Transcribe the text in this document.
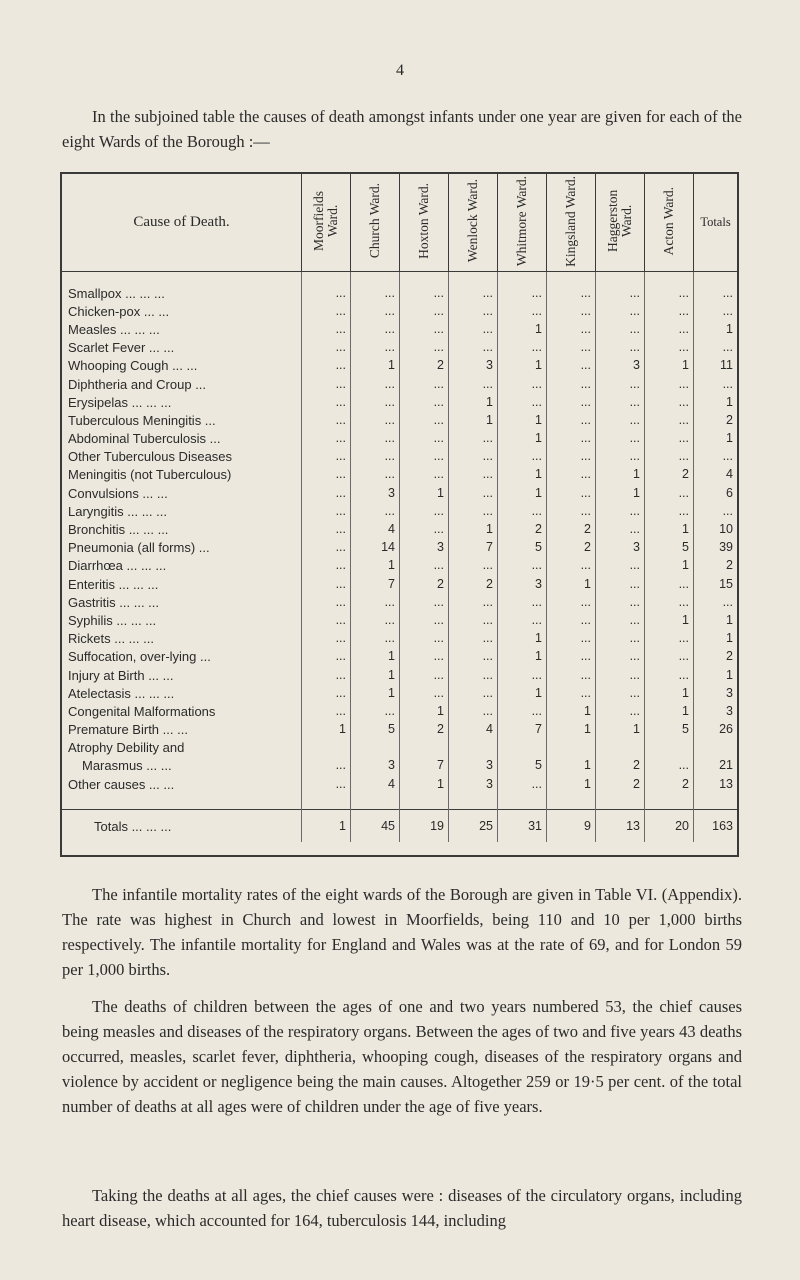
4

In the subjoined table the causes of death amongst infants under one year are given for each of the eight Wards of the Borough :—

Cause of Death.	Moorfields Ward.	Church Ward.	Hoxton Ward.	Wenlock Ward.	Whitmore Ward.	Kingsland Ward.	Haggerston Ward.	Acton Ward.	Totals

Smallpox ... ... ...	...	...	...	...	...	...	...	...	...
Chicken-pox ... ...	...	...	...	...	...	...	...	...	...
Measles ... ... ...	...	...	...	...	1	...	...	...	1
Scarlet Fever ... ...	...	...	...	...	...	...	...	...	...
Whooping Cough ... ...	...	1	2	3	1	...	3	1	11
Diphtheria and Croup ...	...	...	...	...	...	...	...	...	...
Erysipelas ... ... ...	...	...	...	1	...	...	...	...	1
Tuberculous Meningitis ...	...	...	...	1	1	...	...	...	2
Abdominal Tuberculosis ...	...	...	...	...	1	...	...	...	1
Other Tuberculous Diseases	...	...	...	...	...	...	...	...	...
Meningitis (not Tuberculous)	...	...	...	...	1	...	1	2	4
Convulsions ... ...	...	3	1	...	1	...	1	...	6
Laryngitis ... ... ...	...	...	...	...	...	...	...	...	...
Bronchitis ... ... ...	...	4	...	1	2	2	...	1	10
Pneumonia (all forms) ...	...	14	3	7	5	2	3	5	39
Diarrhœa ... ... ...	...	1	...	...	...	...	...	1	2
Enteritis ... ... ...	...	7	2	2	3	1	...	...	15
Gastritis ... ... ...	...	...	...	...	...	...	...	...	...
Syphilis ... ... ...	...	...	...	...	...	...	...	1	1
Rickets ... ... ...	...	...	...	...	1	...	...	...	1
Suffocation, over-lying ...	...	1	...	...	1	...	...	...	2
Injury at Birth ... ...	...	1	...	...	...	...	...	...	1
Atelectasis ... ... ...	...	1	...	...	1	...	...	1	3
Congenital Malformations	...	...	1	...	...	1	...	1	3
Premature Birth ... ...	1	5	2	4	7	1	1	5	26
Atrophy Debility and									
Marasmus ... ...	...	3	7	3	5	1	2	...	21
Other causes ... ...	...	4	1	3	...	1	2	2	13

Totals ... ... ...	1	45	19	25	31	9	13	20	163

The infantile mortality rates of the eight wards of the Borough are given in Table VI. (Appendix). The rate was highest in Church and lowest in Moorfields, being 110 and 10 per 1,000 births respectively. The infantile mortality for England and Wales was at the rate of 69, and for London 59 per 1,000 births.

The deaths of children between the ages of one and two years numbered 53, the chief causes being measles and diseases of the respiratory organs. Between the ages of two and five years 43 deaths occurred, measles, scarlet fever, diphtheria, whooping cough, diseases of the respiratory organs and violence by accident or negligence being the main causes. Altogether 259 or 19·5 per cent. of the total number of deaths at all ages were of children under the age of five years.

Taking the deaths at all ages, the chief causes were : diseases of the circulatory organs, including heart disease, which accounted for 164, tuberculosis 144, including
